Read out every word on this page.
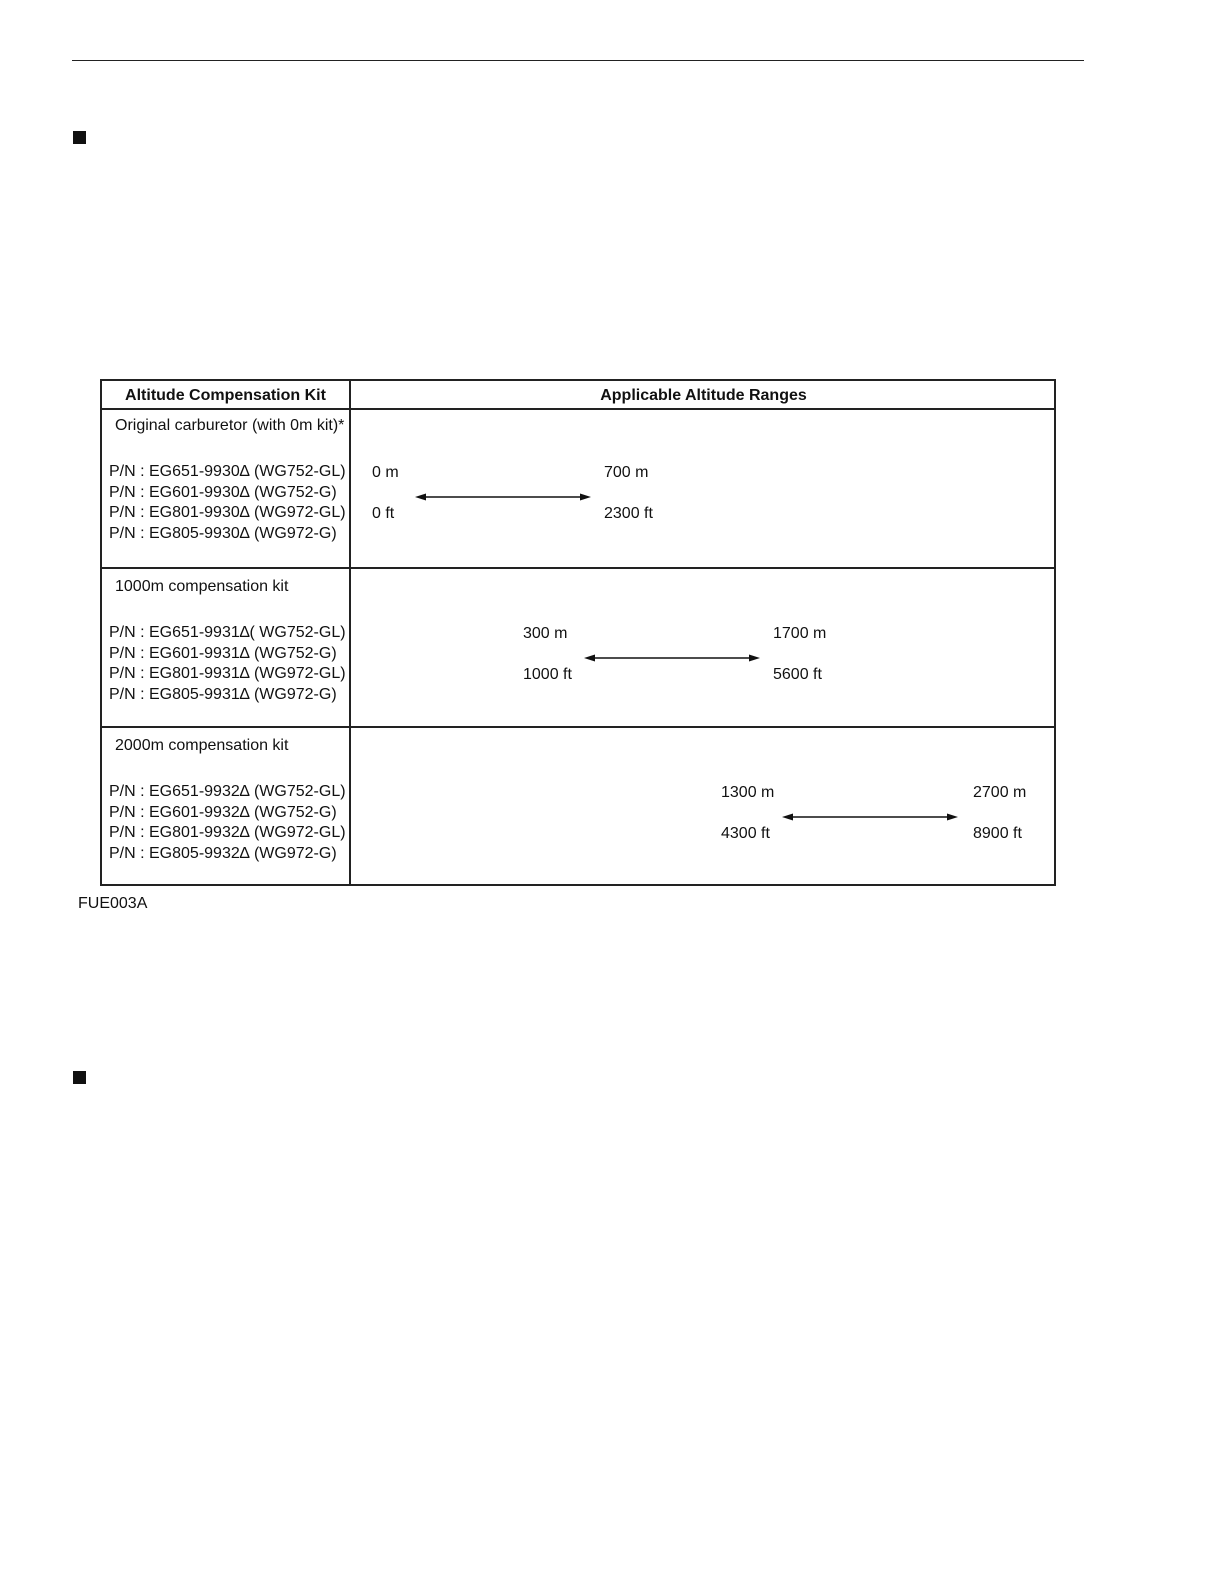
Altitude Compensation Kit	Applicable Altitude Ranges
Original carburetor (with 0m kit)*
P/N : EG651-9930∆ (WG752-GL)
P/N : EG601-9930∆ (WG752-G)
P/N : EG801-9930∆ (WG972-GL)
P/N : EG805-9930∆ (WG972-G)
0 m
0 ft
700 m
2300 ft
1000m compensation kit
P/N : EG651-9931∆( WG752-GL)
P/N : EG601-9931∆ (WG752-G)
P/N : EG801-9931∆ (WG972-GL)
P/N : EG805-9931∆ (WG972-G)
300 m
1000 ft
1700 m
5600 ft
2000m compensation kit
P/N : EG651-9932∆ (WG752-GL)
P/N : EG601-9932∆ (WG752-G)
P/N : EG801-9932∆ (WG972-GL)
P/N : EG805-9932∆ (WG972-G)
1300 m
4300 ft
2700 m
8900 ft
FUE003A
